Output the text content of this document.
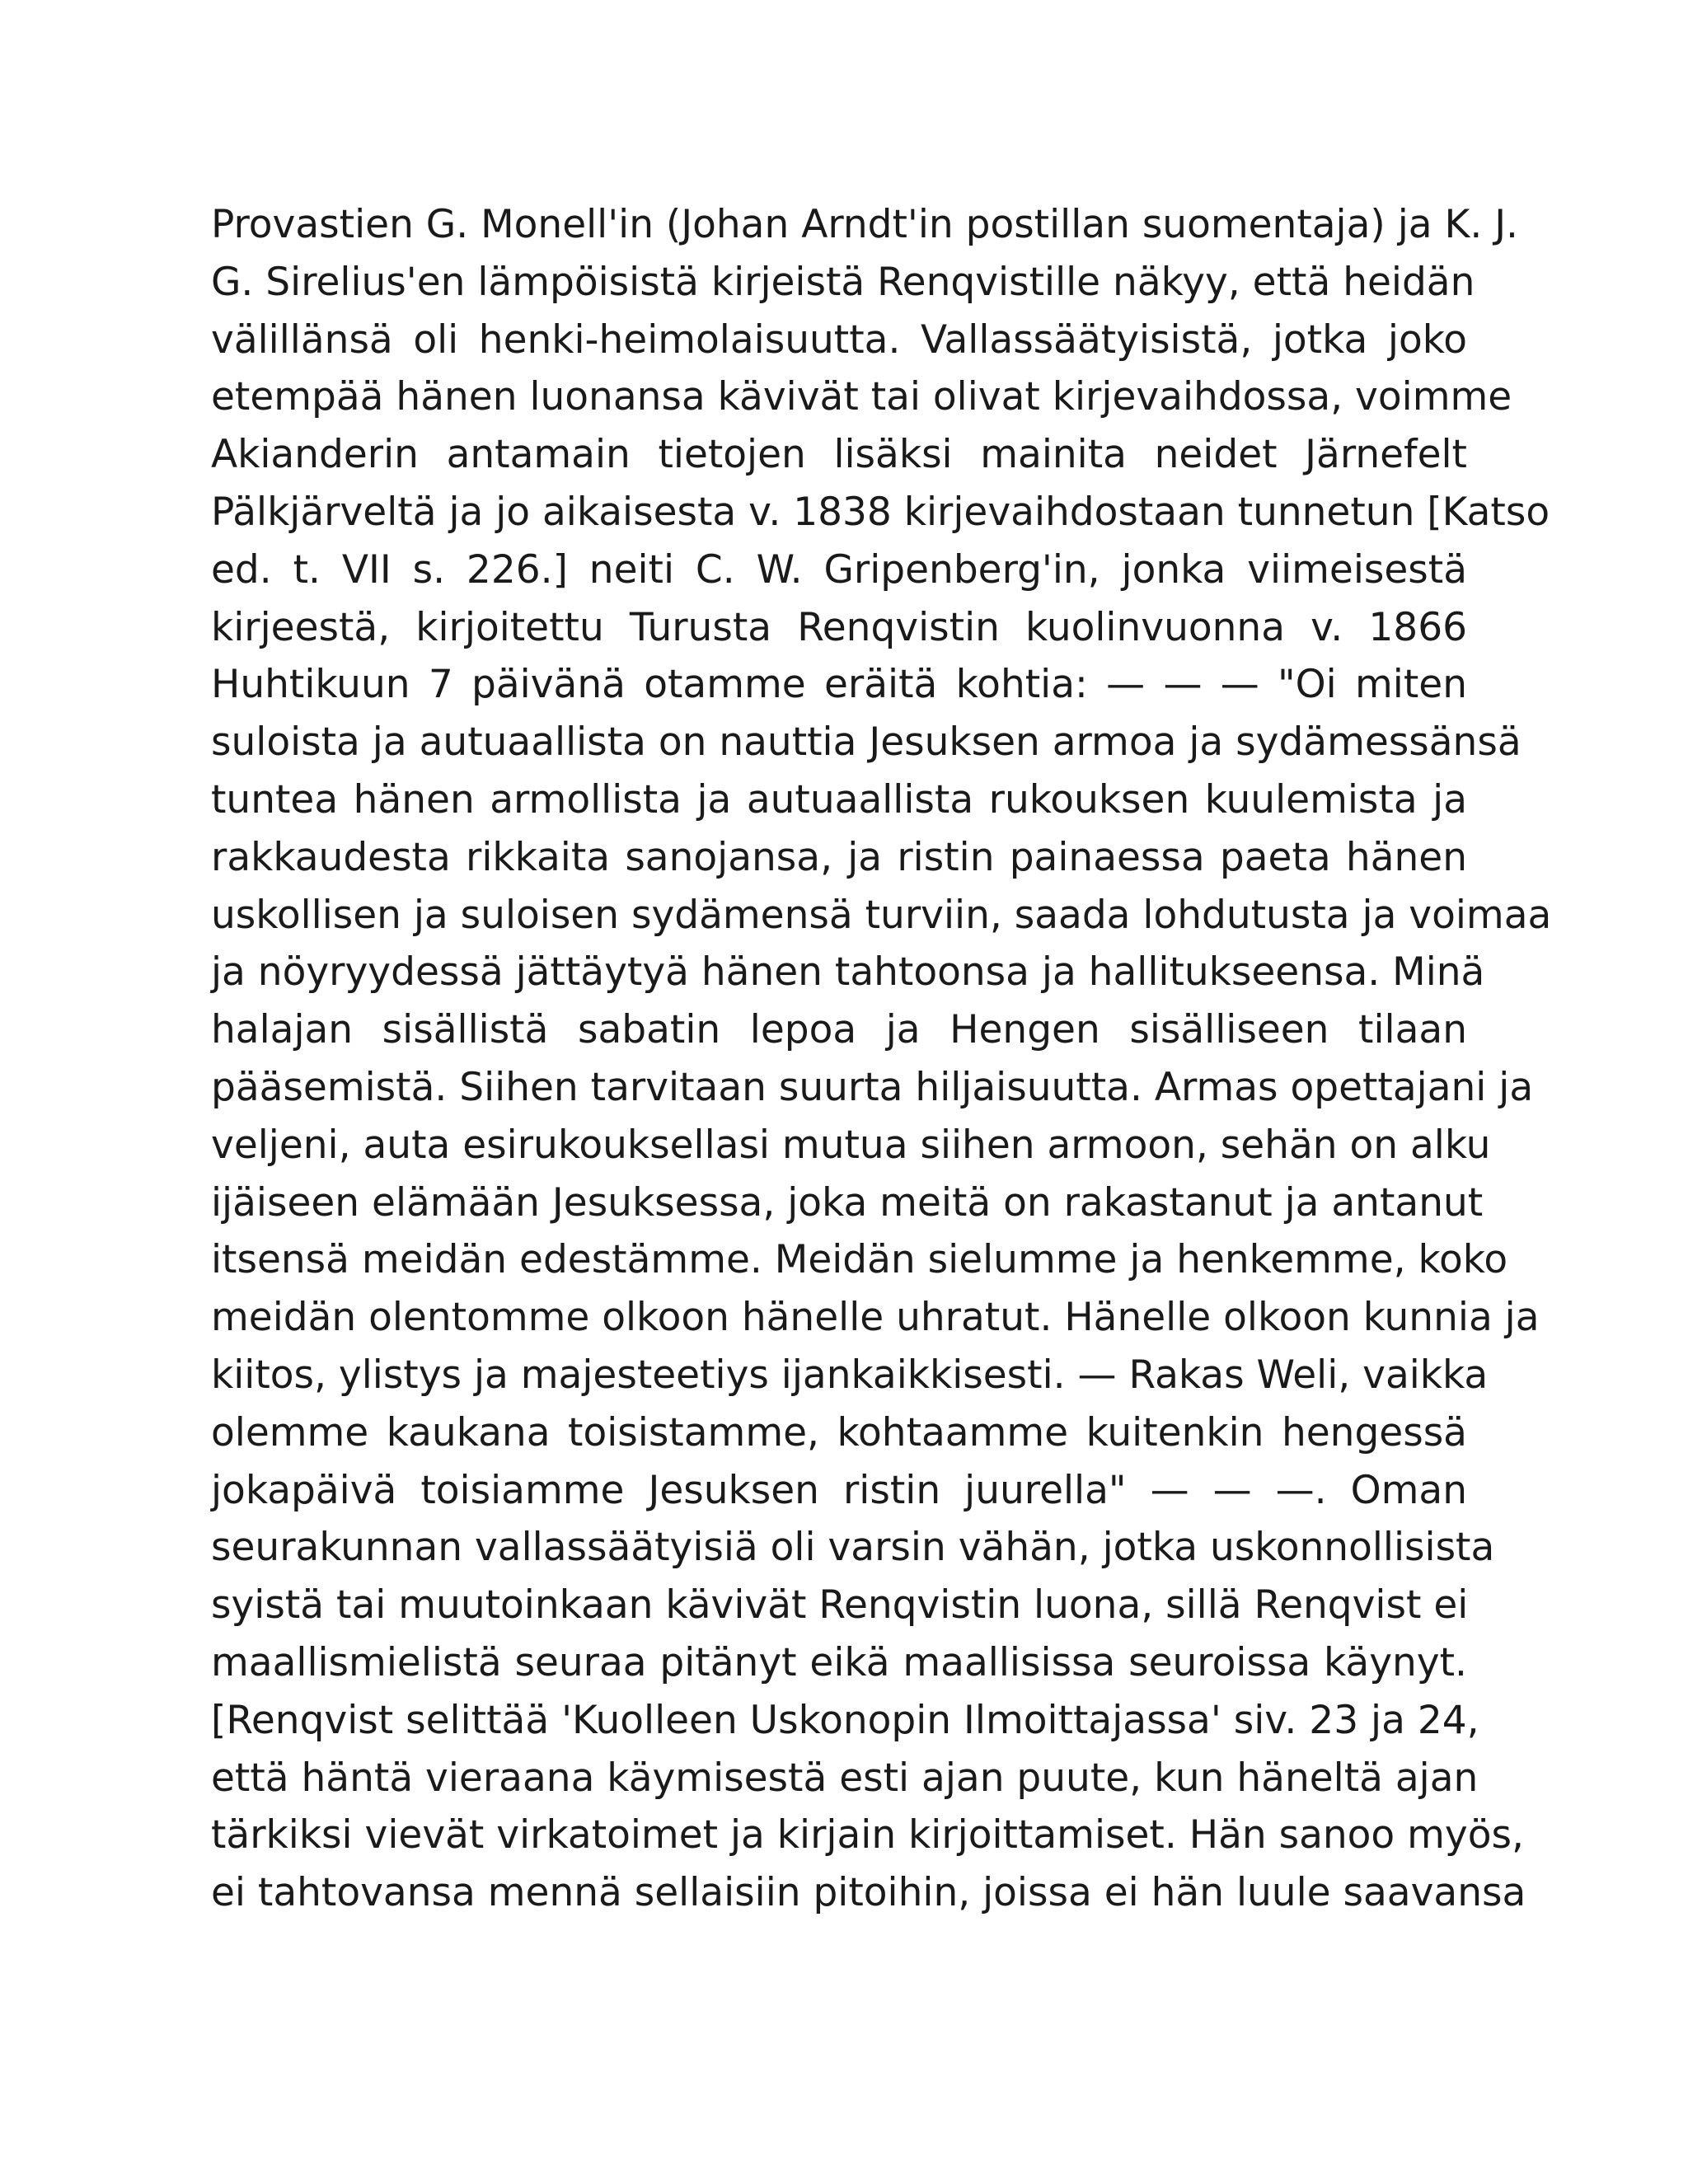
Provastien G. Monell'in (Johan Arndt'in postillan suomentaja) ja K. J.
G. Sirelius'en lämpöisistä kirjeistä Renqvistille näkyy, että heidän
välillänsä oli henki-heimolaisuutta. Vallassäätyisistä, jotka joko
etempää hänen luonansa kävivät tai olivat kirjevaihdossa, voimme
Akianderin antamain tietojen lisäksi mainita neidet Järnefelt
Pälkjärveltä ja jo aikaisesta v. 1838 kirjevaihdostaan tunnetun [Katso
ed. t. VII s. 226.] neiti C. W. Gripenberg'in, jonka viimeisestä
kirjeestä, kirjoitettu Turusta Renqvistin kuolinvuonna v. 1866
Huhtikuun 7 päivänä otamme eräitä kohtia: — — — "Oi miten
suloista ja autuaallista on nauttia Jesuksen armoa ja sydämessänsä
tuntea hänen armollista ja autuaallista rukouksen kuulemista ja
rakkaudesta rikkaita sanojansa, ja ristin painaessa paeta hänen
uskollisen ja suloisen sydämensä turviin, saada lohdutusta ja voimaa
ja nöyryydessä jättäytyä hänen tahtoonsa ja hallitukseensa. Minä
halajan sisällistä sabatin lepoa ja Hengen sisälliseen tilaan
pääsemistä. Siihen tarvitaan suurta hiljaisuutta. Armas opettajani ja
veljeni, auta esirukouksellasi mutua siihen armoon, sehän on alku
ijäiseen elämään Jesuksessa, joka meitä on rakastanut ja antanut
itsensä meidän edestämme. Meidän sielumme ja henkemme, koko
meidän olentomme olkoon hänelle uhratut. Hänelle olkoon kunnia ja
kiitos, ylistys ja majesteetiys ijankaikkisesti. — Rakas Weli, vaikka
olemme kaukana toisistamme, kohtaamme kuitenkin hengessä
jokapäivä toisiamme Jesuksen ristin juurella" — — —. Oman
seurakunnan vallassäätyisiä oli varsin vähän, jotka uskonnollisista
syistä tai muutoinkaan kävivät Renqvistin luona, sillä Renqvist ei
maallismielistä seuraa pitänyt eikä maallisissa seuroissa käynyt.
[Renqvist selittää 'Kuolleen Uskonopin Ilmoittajassa' siv. 23 ja 24,
että häntä vieraana käymisestä esti ajan puute, kun häneltä ajan
tärkiksi vievät virkatoimet ja kirjain kirjoittamiset. Hän sanoo myös,
ei tahtovansa mennä sellaisiin pitoihin, joissa ei hän luule saavansa
